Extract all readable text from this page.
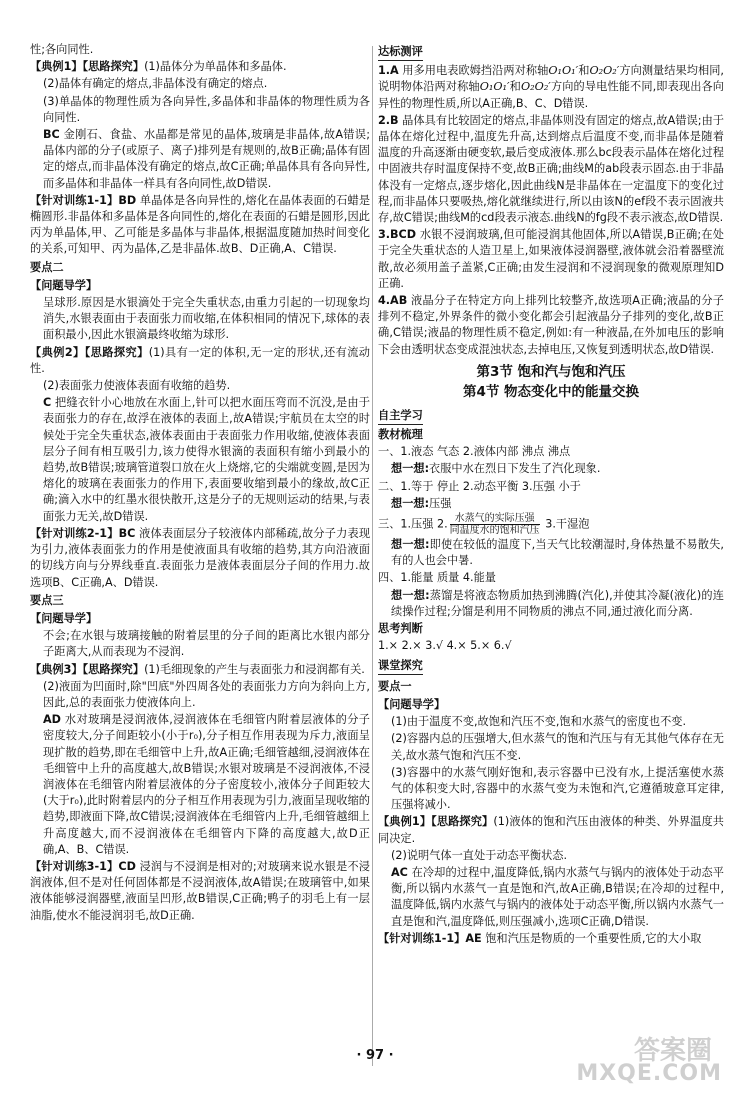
性;各向同性.

【典例1】【思路探究】(1)晶体分为单晶体和多晶体.

(2)晶体有确定的熔点,非晶体没有确定的熔点.

(3)单晶体的物理性质为各向异性,多晶体和非晶体的物理性质为各向同性.

BC 金刚石、食盐、水晶都是常见的晶体,玻璃是非晶体,故A错误;晶体内部的分子(或原子、离子)排列是有规则的,故B正确;晶体有固定的熔点,而非晶体没有确定的熔点,故C正确;单晶体具有各向异性,而多晶体和非晶体一样具有各向同性,故D错误.

【针对训练1-1】BD 单晶体是各向异性的,熔化在晶体表面的石蜡是椭圆形.非晶体和多晶体是各向同性的,熔化在表面的石蜡是圆形,因此丙为单晶体,甲、乙可能是多晶体与非晶体,根据温度随加热时间变化的关系,可知甲、丙为晶体,乙是非晶体.故B、D正确,A、C错误.

要点二

【问题导学】

呈球形.原因是水银滴处于完全失重状态,由重力引起的一切现象均消失,水银表面由于表面张力而收缩,在体积相同的情况下,球体的表面积最小,因此水银滴最终收缩为球形.

【典例2】【思路探究】(1)具有一定的体积,无一定的形状,还有流动性.

(2)表面张力使液体表面有收缩的趋势.

C 把缝衣针小心地放在水面上,针可以把水面压弯而不沉没,是由于表面张力的存在,故浮在液体的表面上,故A错误;宇航员在太空的时候处于完全失重状态,液体表面由于表面张力作用收缩,使液体表面层分子间有相互吸引力,该力使得水银滴的表面积有缩小到最小的趋势,故B错误;玻璃管道裂口放在火上烧熔,它的尖端就变圆,是因为熔化的玻璃在表面张力的作用下,表面要收缩到最小的缘故,故C正确;滴入水中的红墨水很快散开,这是分子的无规则运动的结果,与表面张力无关,故D错误.

【针对训练2-1】BC 液体表面层分子较液体内部稀疏,故分子力表现为引力,液体表面张力的作用是使液面具有收缩的趋势,其方向沿液面的切线方向与分界线垂直.表面张力是液体表面层分子间的作用力.故选项B、C正确,A、D错误.

要点三

【问题导学】

不会;在水银与玻璃接触的附着层里的分子间的距离比水银内部分子距离大,从而表现为不浸润.

【典例3】【思路探究】(1)毛细现象的产生与表面张力和浸润都有关.

(2)液面为凹面时,除"凹底"外四周各处的表面张力方向为斜向上方,因此,总的表面张力使液体向上.

AD 水对玻璃是浸润液体,浸润液体在毛细管内附着层液体的分子密度较大,分子间距较小(小于r₀),分子相互作用表现为斥力,液面呈现扩散的趋势,即在毛细管中上升,故A正确;毛细管越细,浸润液体在毛细管中上升的高度越大,故B错误;水银对玻璃是不浸润液体,不浸润液体在毛细管内附着层液体的分子密度较小,液体分子间距较大(大于r₀),此时附着层内的分子相互作用表现为引力,液面呈现收缩的趋势,即液面下降,故C错误;浸润液体在毛细管内上升,毛细管越细上升高度越大,而不浸润液体在毛细管内下降的高度越大,故D正确,A、B、C错误.

【针对训练3-1】CD 浸润与不浸润是相对的;对玻璃来说水银是不浸润液体,但不是对任何固体都是不浸润液体,故A错误;在玻璃管中,如果液体能够浸润器壁,液面呈凹形,故B错误,C正确;鸭子的羽毛上有一层油脂,使水不能浸润羽毛,故D正确.

达标测评

1.A 用多用电表欧姆挡沿两对称轴O₁O₁′和O₂O₂′方向测量结果均相同,说明物体沿两对称轴O₁O₁′和O₂O₂′方向的导电性能不同,即表现出各向异性的物理性质,所以A正确,B、C、D错误.

2.B 晶体具有比较固定的熔点,非晶体则没有固定的熔点,故A错误;由于晶体在熔化过程中,温度先升高,达到熔点后温度不变,而非晶体是随着温度的升高逐渐由硬变软,最后变成液体.那么bc段表示晶体在熔化过程中固液共存时温度保持不变,故B正确;曲线M的ab段表示固态.由于非晶体没有一定熔点,逐步熔化,因此曲线N是非晶体在一定温度下的变化过程,而非晶体只要吸热,熔化就继续进行,所以由该N的ef段不表示固液共存,故C错误;曲线M的cd段表示液态.曲线N的fg段不表示液态,故D错误.

3.BCD 水银不浸润玻璃,但可能浸润其他固体,所以A错误,B正确;在处于完全失重状态的人造卫星上,如果液体浸润器壁,液体就会沿着器壁流散,故必须用盖子盖紧,C正确;由发生浸润和不浸润现象的微观原理知D正确.

4.AB 液晶分子在特定方向上排列比较整齐,故选项A正确;液晶的分子排列不稳定,外界条件的微小变化都会引起液晶分子排列的变化,故B正确,C错误;液晶的物理性质不稳定,例如:有一种液晶,在外加电压的影响下会由透明状态变成混浊状态,去掉电压,又恢复到透明状态,故D错误.

第3节 饱和汽与饱和汽压

第4节 物态变化中的能量交换

自主学习

教材梳理

一、1.液态 气态 2.液体内部 沸点 沸点

想一想:衣服中水在烈日下发生了汽化现象.

二、1.等于 停止 2.动态平衡 3.压强 小于

想一想:压强

三、1.压强 2. $\frac{\text{水蒸气的实际压强}}{\text{同温度水的饱和汽压}} 3$.干湿泡

想一想:即使在较低的温度下,当天气比较潮湿时,身体热量不易散失,有的人也会中暑.

四、1.能量 质量 4.能量

想一想:蒸馏是将液态物质加热到沸腾(汽化),并使其冷凝(液化)的连续操作过程;分馏是利用不同物质的沸点不同,通过液化而分离.

思考判断

1.× 2.× 3.√ 4.× 5.× 6.√

课堂探究

要点一

【问题导学】

(1)由于温度不变,故饱和汽压不变,饱和水蒸气的密度也不变.

(2)容器内总的压强增大,但水蒸气的饱和汽压与有无其他气体存在无关,故水蒸气饱和汽压不变.

(3)容器中的水蒸气刚好饱和,表示容器中已没有水,上提活塞使水蒸气的体积变大时,容器中的水蒸气变为未饱和汽,它遵循玻意耳定律,压强将减小.

【典例1】【思路探究】(1)液体的饱和汽压由液体的种类、外界温度共同决定.

(2)说明气体一直处于动态平衡状态.

AC 在冷却的过程中,温度降低,锅内水蒸气与锅内的液体处于动态平衡,所以锅内水蒸气一直是饱和汽,故A正确,B错误;在冷却的过程中,温度降低,锅内水蒸气与锅内的液体处于动态平衡,所以锅内水蒸气一直是饱和汽,温度降低,则压强减小,选项C正确,D错误.

【针对训练1-1】AE 饱和汽压是物质的一个重要性质,它的大小取

· 97 ·	答案圈
MXQE.COM
